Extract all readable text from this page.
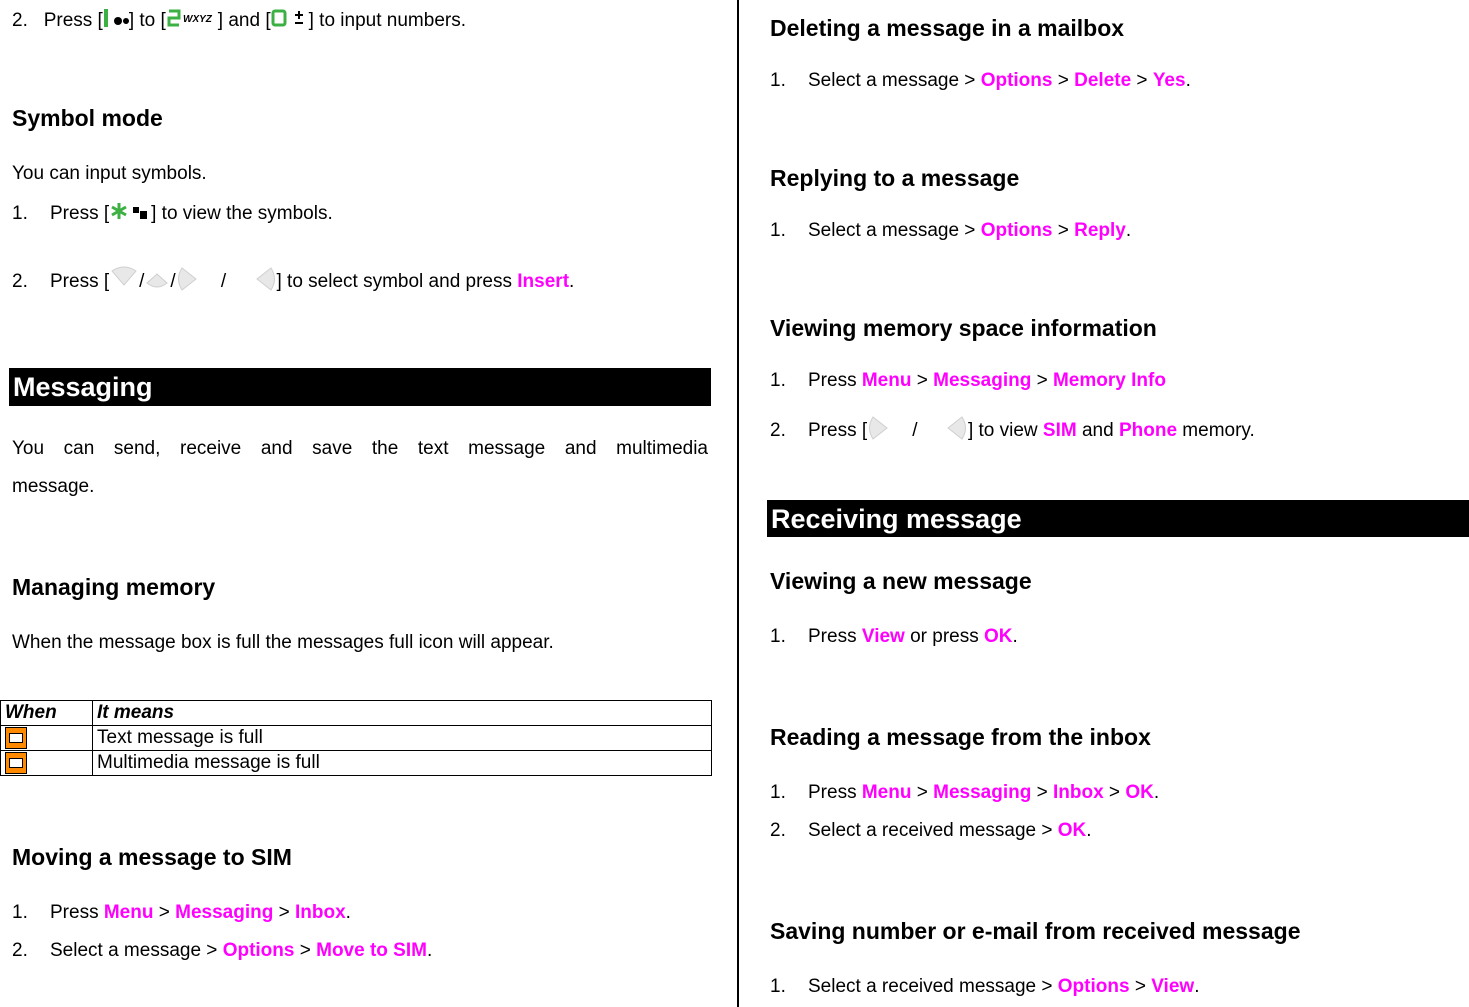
2. Press [ ] to [ WXYZ ] and [ ] to input numbers.
Symbol mode
You can input symbols.
1. Press [ ] to view the symbols.
2. Press [ / / /	] to select symbol and press Insert.
Messaging
You can send, receive and save the text message and multimedia
message.
Managing memory
When the message box is full the messages full icon will appear.
When	It means
	Text message is full
	Multimedia message is full
Moving a message to SIM
1. Press Menu > Messaging > Inbox.
2. Select a message > Options > Move to SIM.
Deleting a message in a mailbox
1. Select a message > Options > Delete > Yes.
Replying to a message
1. Select a message > Options > Reply.
Viewing memory space information
1. Press Menu > Messaging > Memory Info
2. Press [ /	] to view SIM and Phone memory.
Receiving message
Viewing a new message
1. Press View or press OK.
Reading a message from the inbox
1. Press Menu > Messaging > Inbox > OK.
2. Select a received message > OK.
Saving number or e-mail from received message
1. Select a received message > Options > View.
